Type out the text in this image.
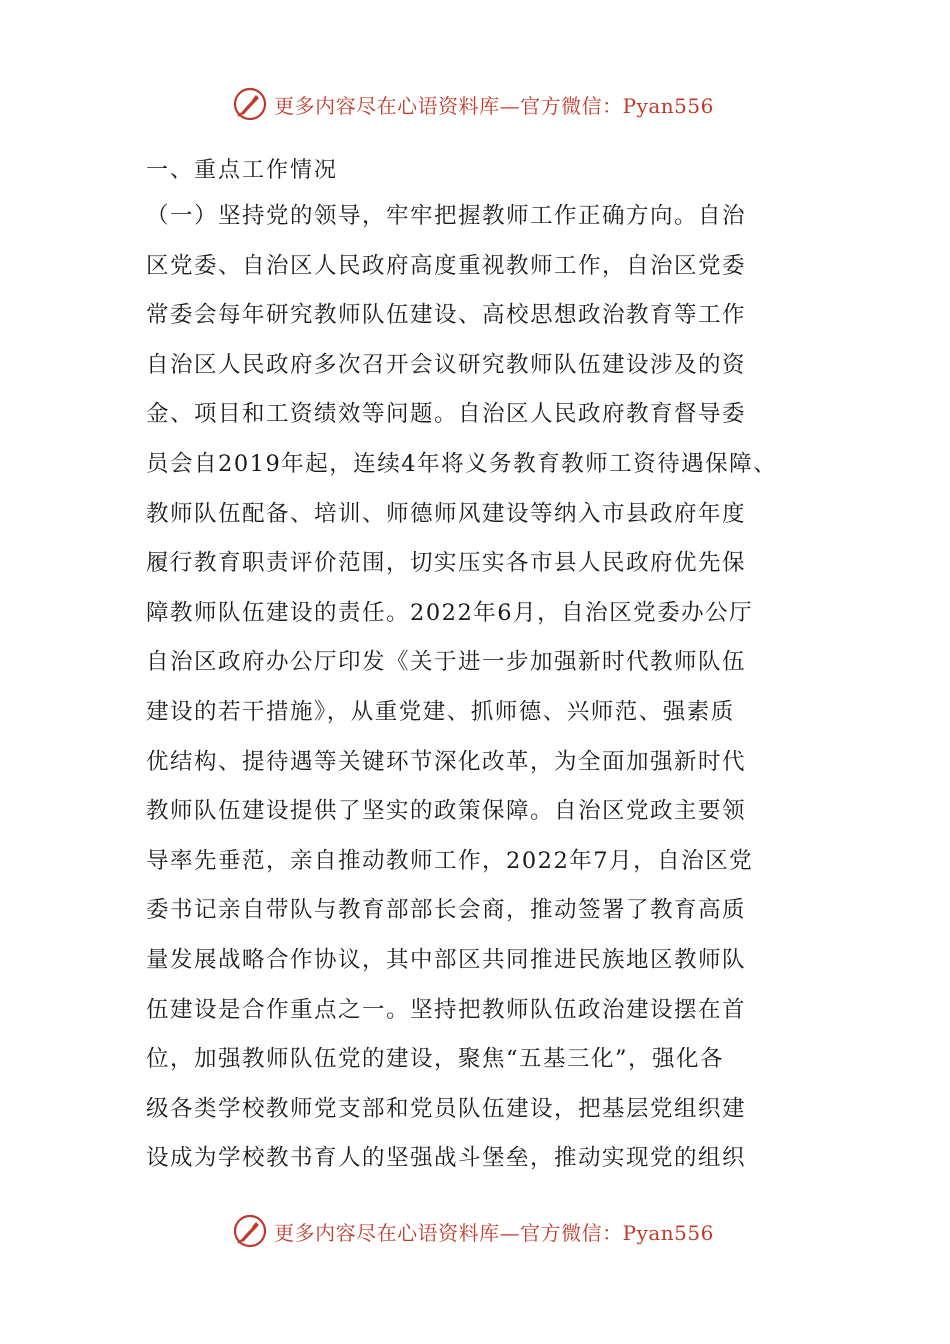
更多内容尽在心语资料库—官方微信：Pyan556

一、重点工作情况

（一）坚持党的领导，牢牢把握教师工作正确方向。自治

区党委、自治区人民政府高度重视教师工作，自治区党委

常委会每年研究教师队伍建设、高校思想政治教育等工作

自治区人民政府多次召开会议研究教师队伍建设涉及的资

金、项目和工资绩效等问题。自治区人民政府教育督导委

员会自2019年起，连续4年将义务教育教师工资待遇保障、

教师队伍配备、培训、师德师风建设等纳入市县政府年度

履行教育职责评价范围，切实压实各市县人民政府优先保

障教师队伍建设的责任。2022年6月，自治区党委办公厅

自治区政府办公厅印发《关于进一步加强新时代教师队伍

建设的若干措施》，从重党建、抓师德、兴师范、强素质

优结构、提待遇等关键环节深化改革，为全面加强新时代

教师队伍建设提供了坚实的政策保障。自治区党政主要领

导率先垂范，亲自推动教师工作，2022年7月，自治区党

委书记亲自带队与教育部部长会商，推动签署了教育高质

量发展战略合作协议，其中部区共同推进民族地区教师队

伍建设是合作重点之一。坚持把教师队伍政治建设摆在首

位，加强教师队伍党的建设，聚焦“五基三化”，强化各

级各类学校教师党支部和党员队伍建设，把基层党组织建

设成为学校教书育人的坚强战斗堡垒，推动实现党的组织

更多内容尽在心语资料库—官方微信：Pyan556
